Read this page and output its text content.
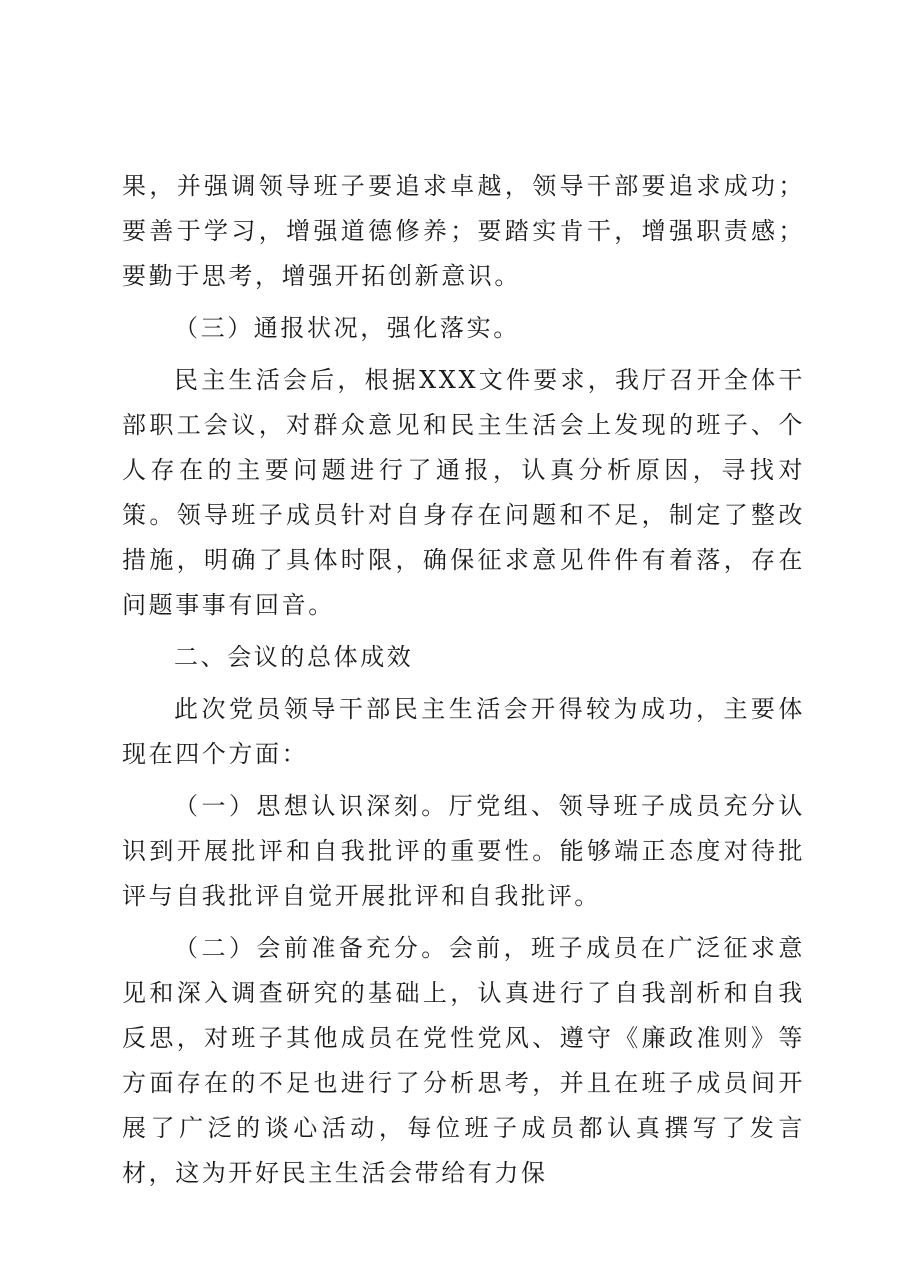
果，并强调领导班子要追求卓越，领导干部要追求成功；要善于学习，增强道德修养；要踏实肯干，增强职责感；要勤于思考，增强开拓创新意识。

（三）通报状况，强化落实。

民主生活会后，根据XXX文件要求，我厅召开全体干部职工会议，对群众意见和民主生活会上发现的班子、个人存在的主要问题进行了通报，认真分析原因，寻找对策。领导班子成员针对自身存在问题和不足，制定了整改措施，明确了具体时限，确保征求意见件件有着落，存在问题事事有回音。

二、会议的总体成效

此次党员领导干部民主生活会开得较为成功，主要体现在四个方面：

（一）思想认识深刻。厅党组、领导班子成员充分认识到开展批评和自我批评的重要性。能够端正态度对待批评与自我批评自觉开展批评和自我批评。

（二）会前准备充分。会前，班子成员在广泛征求意见和深入调查研究的基础上，认真进行了自我剖析和自我反思，对班子其他成员在党性党风、遵守《廉政准则》等方面存在的不足也进行了分析思考，并且在班子成员间开展了广泛的谈心活动，每位班子成员都认真撰写了发言材，这为开好民主生活会带给有力保
